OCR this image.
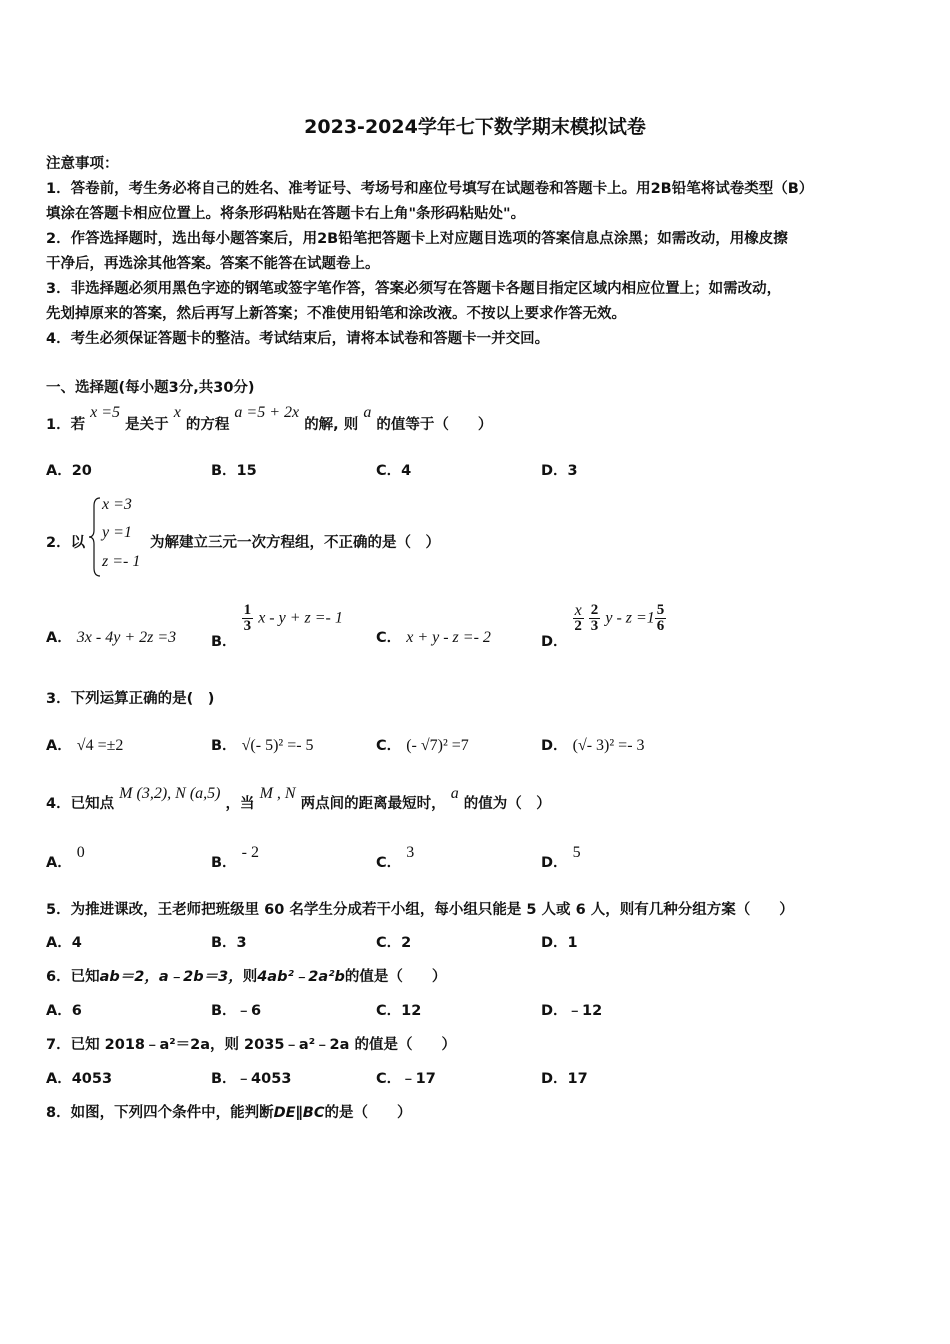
2023-2024学年七下数学期末模拟试卷
注意事项：
1．答卷前，考生务必将自己的姓名、准考证号、考场号和座位号填写在试题卷和答题卡上。用2B铅笔将试卷类型（B）
填涂在答题卡相应位置上。将条形码粘贴在答题卡右上角"条形码粘贴处"。
2．作答选择题时，选出每小题答案后，用2B铅笔把答题卡上对应题目选项的答案信息点涂黑；如需改动，用橡皮擦
干净后，再选涂其他答案。答案不能答在试题卷上。
3．非选择题必须用黑色字迹的钢笔或签字笔作答，答案必须写在答题卡各题目指定区域内相应位置上；如需改动，
先划掉原来的答案，然后再写上新答案；不准使用铅笔和涂改液。不按以上要求作答无效。
4．考生必须保证答题卡的整洁。考试结束后，请将本试卷和答题卡一并交回。
一、选择题(每小题3分,共30分)
1．若 x =5 是关于 x 的方程 a =5 + 2x 的解, 则 a 的值等于（　　）
A．20	B．15	C．4	D．3
2．以
x =3
y =1
z =- 1
为解建立三元一次方程组，不正确的是（　）
A． 3x - 4y + 2z =3 B．
$\frac{1}{3}$ x - y + z =- 1
C． x + y - z =- 2	D．
$\frac{x}{2}$
$\frac{2}{3}$ $y - z =1 \frac{5}{6}$
3．下列运算正确的是(　)
A． √4 =±2	B． √(- 5)² =- 5	C． (- √7)² =7	D． (√- 3)² =- 3
4．已知点 M (3,2), N (a,5) ，当 M , N 两点间的距离最短时， a 的值为（　）
A． 0
B． - 2
C． 3
D． 5
5．为推进课改，王老师把班级里 60 名学生分成若干小组，每小组只能是 5 人或 6 人，则有几种分组方案（　　）
A．4	B．3	C．2	D．1
6．已知ab＝2，a﹣2b＝3，则4ab²﹣2a²b的值是（　　）
A．6	B．﹣6	C．12	D．﹣12
7．已知 2018﹣a²＝2a，则 2035﹣a²﹣2a 的值是（　　）
A．4053	B．﹣4053	C．﹣17	D．17
8．如图，下列四个条件中，能判断DE∥BC的是（　　）
